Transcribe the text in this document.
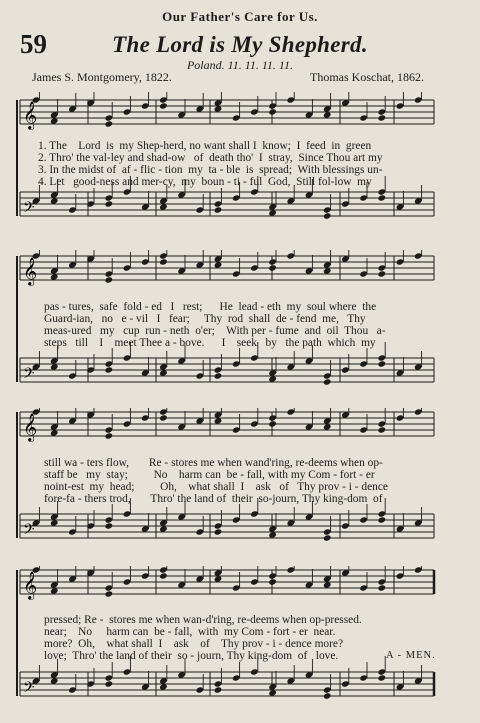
Our Father's Care for Us.
59	The Lord is My Shepherd.
Poland. 11. 11. 11. 11.
James S. Montgomery, 1822.	Thomas Koschat, 1862.
𝄞
𝄢
1. The    Lord  is  my Shep-herd, no want shall I  know;  I  feed  in  green
2. Thro' the val-ley and shad-ow   of  death tho'  I  stray,  Since Thou art my
3. In the midst of  af - flic - tion  my  ta - ble  is  spread;  With blessings un-
4. Let   good-ness and mer-cy,  my  boun - ti - ful  God,  Still fol-low  my
𝄞
𝄢
pas - tures,  safe  fold - ed   I   rest;      He  lead - eth  my  soul where  the
Guard-ian,   no   e - vil   I   fear;     Thy  rod  shall  de - fend  me,   Thy
meas-ured   my   cup  run - neth  o'er;    With per - fume  and  oil  Thou   a-
steps   till    I    meet Thee a - bove.      I    seek   by   the path  which  my
𝄞
𝄢
still wa - ters flow,       Re - stores me when wand'ring, re-deems when op-
staff be   my  stay;         No    harm can  be - fall, with my Com - fort - er
noint-est  my  head;         Oh,    what shall  I    ask   of   Thy prov - i - dence
fore-fa - thers trod,       Thro' the land of  their  so-journ, Thy king-dom  of
𝄞
𝄢
pressed; Re -  stores me when wan-d'ring, re-deems when op-pressed.
near;    No     harm can  be - fall,  with  my Com - fort - er  near.
more?  Oh,    what shall  I    ask    of    Thy prov - i - dence more?
love;  Thro' the land of their  so - journ, Thy king-dom  of   love.	A - MEN.
